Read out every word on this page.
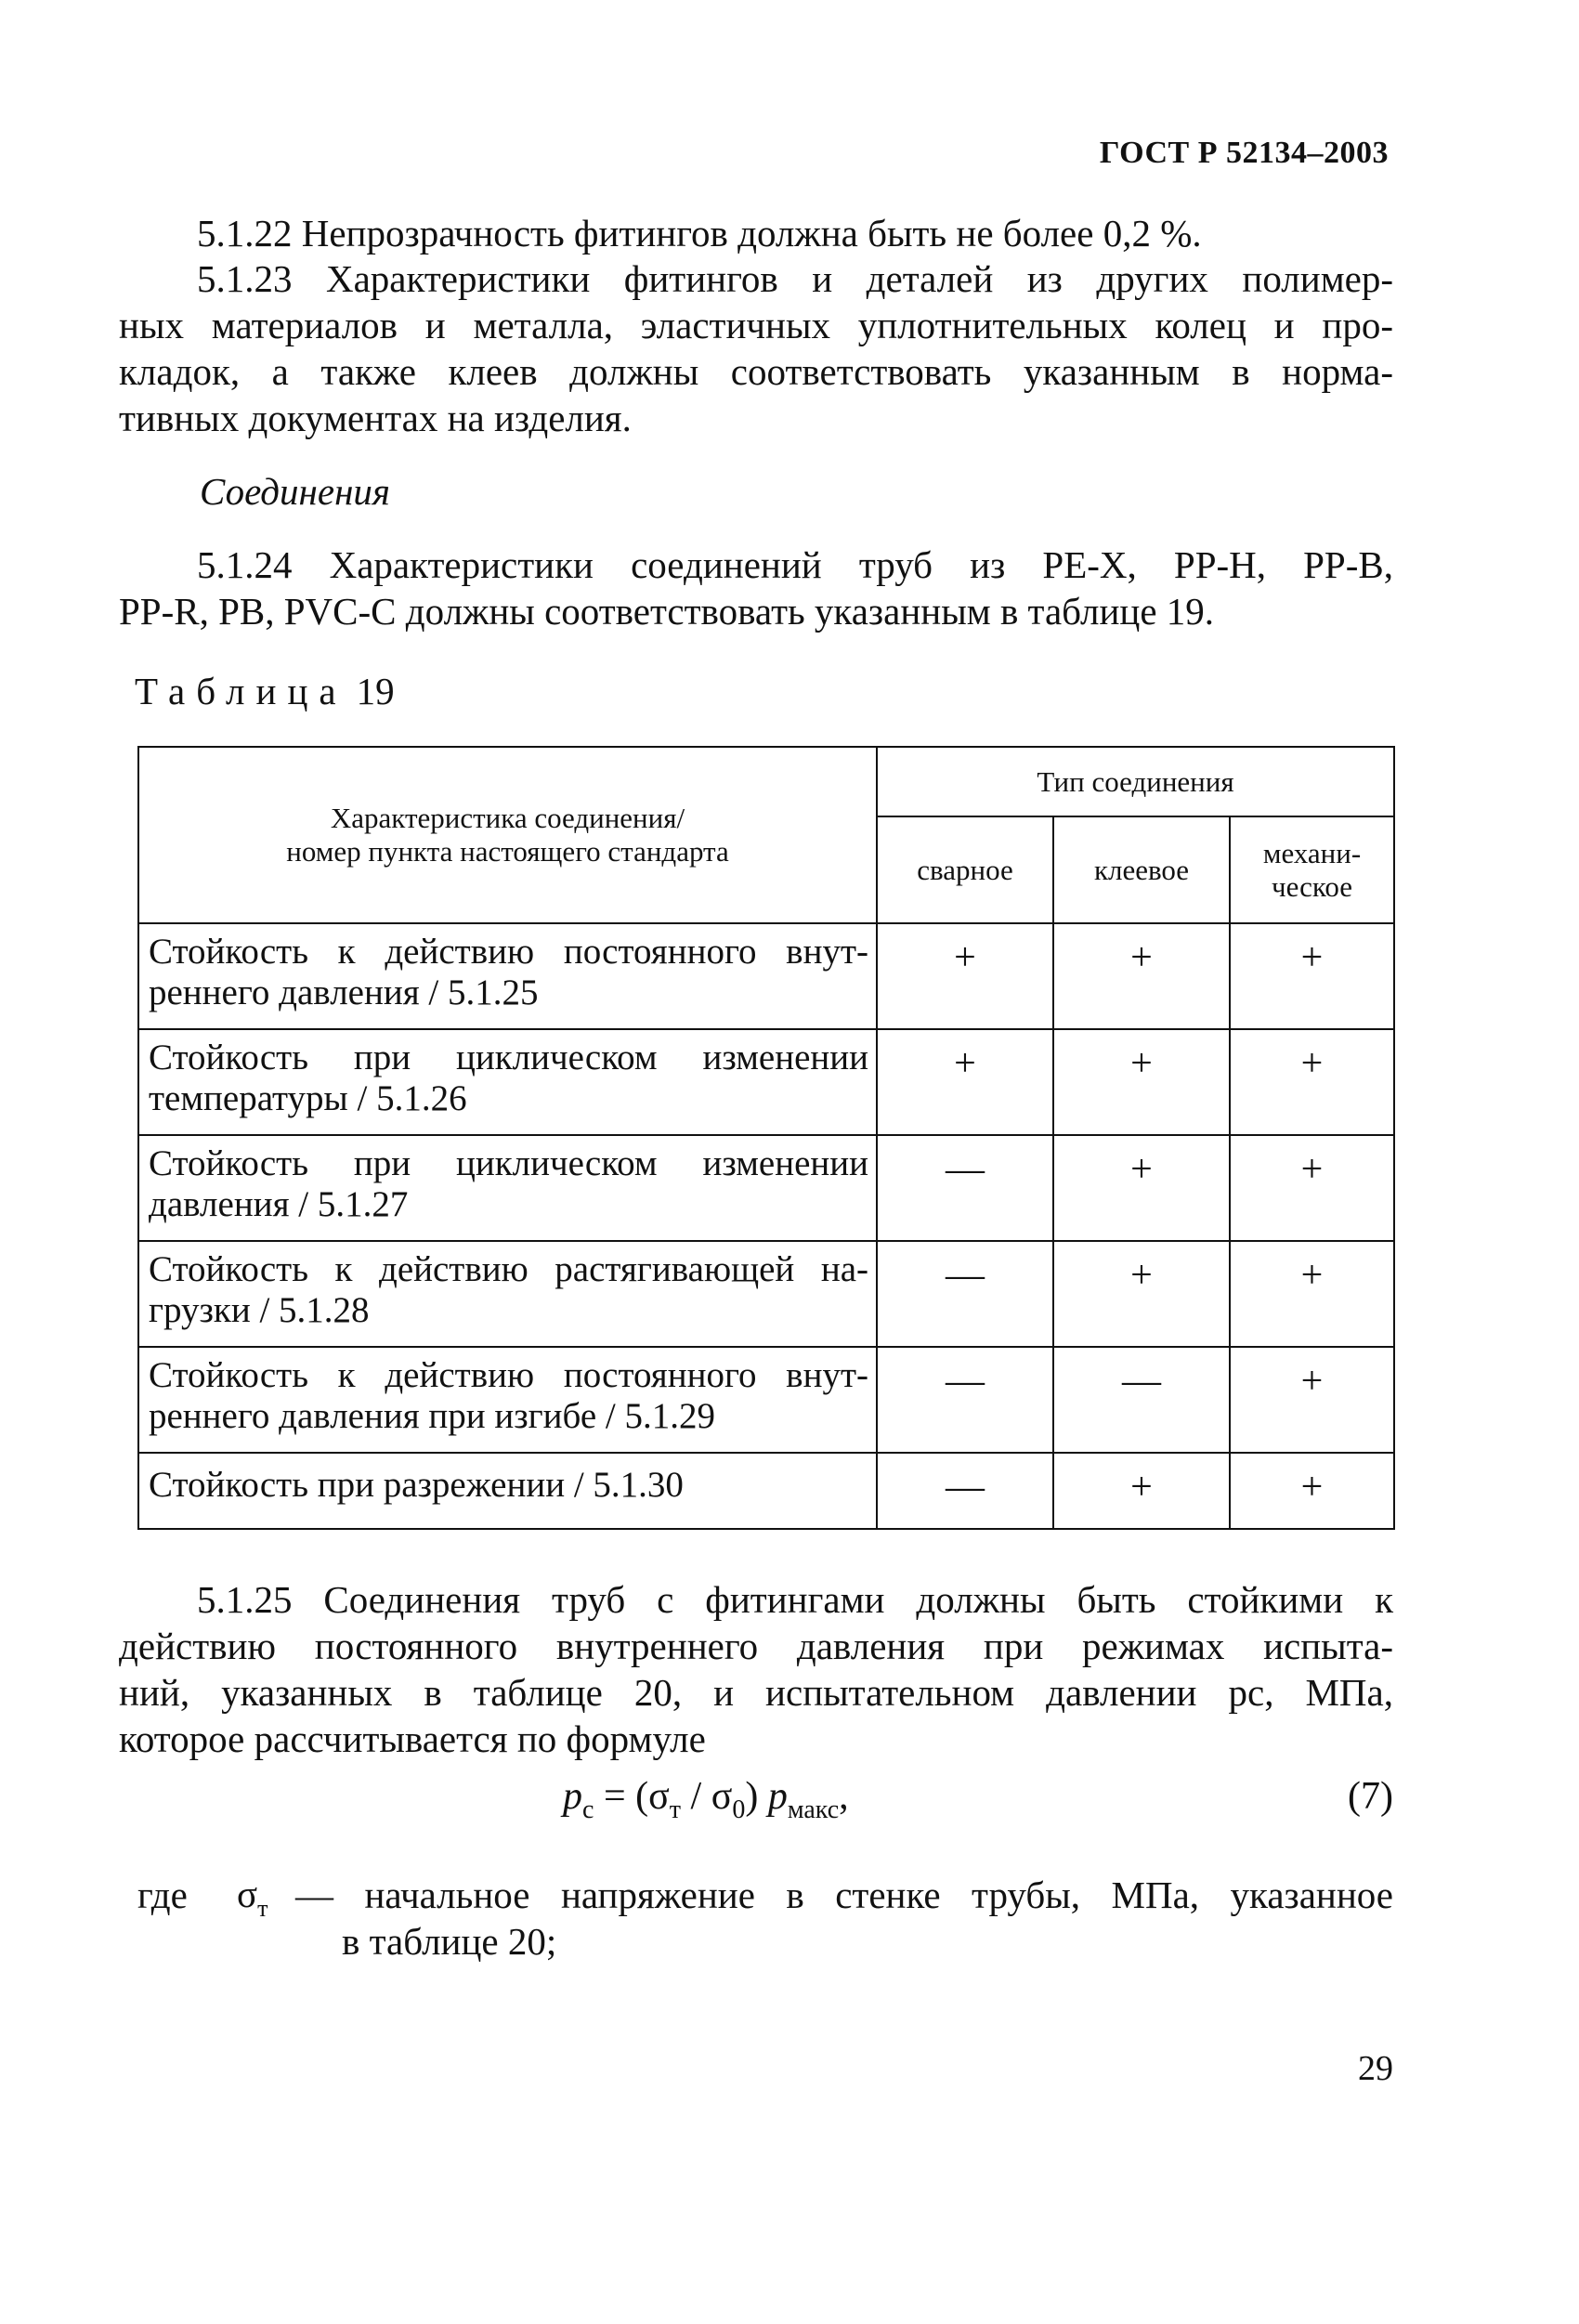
ГОСТ Р 52134–2003
5.1.22 Непрозрачность фитингов должна быть не более 0,2 %.
5.1.23 Характеристики фитингов и деталей из других полимер-
ных материалов и металла, эластичных уплотнительных колец и про-
кладок, а также клеев должны соответствовать указанным в норма-
тивных документах на изделия.
Соединения
5.1.24 Характеристики соединений труб из PE-X, PP-H, PP-B,
PP-R, PB, PVC-C должны соответствовать указанным в таблице 19.
Таблица 19
Характеристика соединения/
номер пункта настоящего стандарта	Тип соединения		

	сварное	клеевое	механи-
ческое

Стойкость к действию постоянного внут-
реннего давления / 5.1.25	+	+	+

Стойкость при циклическом изменении
температуры / 5.1.26	+	+	+

Стойкость при циклическом изменении
давления / 5.1.27	—	+	+

Стойкость к действию растягивающей на-
грузки / 5.1.28	—	+	+

Стойкость к действию постоянного внут-
реннего давления при изгибе / 5.1.29	—	—	+

Стойкость при разрежении / 5.1.30	—	+	+
5.1.25 Соединения труб с фитингами должны быть стойкими к
действию постоянного внутреннего давления при режимах испыта-
ний, указанных в таблице 20, и испытательном давлении pс, МПа,
которое рассчитывается по формуле
$p_с = (\sigma_т / \sigma_0)$ $p_{макс}$,	(7)
где $\sigma_т$ — начальное напряжение в стенке трубы, МПа, указанное
в таблице 20;
29
